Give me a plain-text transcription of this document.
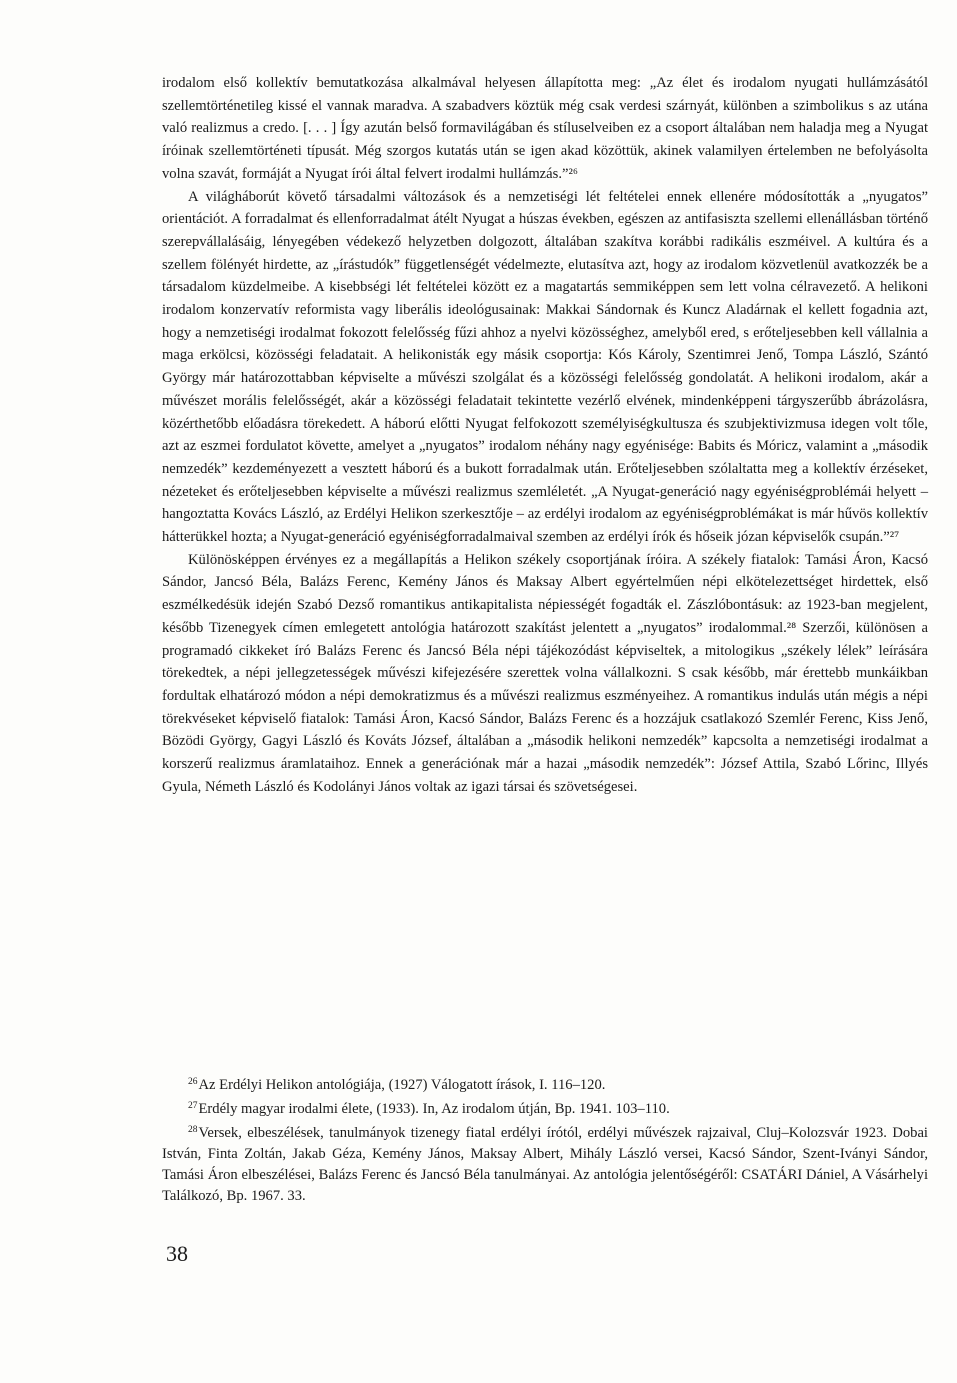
irodalom első kollektív bemutatkozása alkalmával helyesen állapította meg: „Az élet és irodalom nyugati hullámzásától szellemtörténetileg kissé el vannak maradva. A szabadvers köztük még csak verdesi szárnyát, különben a szimbolikus s az utána való realizmus a credo. [. . . ] Így azután belső formavilágában és stíluselveiben ez a csoport általában nem haladja meg a Nyugat íróinak szellemtörténeti típusát. Még szorgos kutatás után se igen akad közöttük, akinek valamilyen értelemben ne befolyásolta volna szavát, formáját a Nyugat írói által felvert irodalmi hullámzás.”²⁶

A világháborút követő társadalmi változások és a nemzetiségi lét feltételei ennek ellenére módosították a „nyugatos” orientációt. A forradalmat és ellenforradalmat átélt Nyugat a húszas években, egészen az antifasiszta szellemi ellenállásban történő szerepvállalásáig, lényegében védekező helyzetben dolgozott, általában szakítva korábbi radikális eszméivel. A kultúra és a szellem fölényét hirdette, az „írástudók” függetlenségét védelmezte, elutasítva azt, hogy az irodalom közvetlenül avatkozzék be a társadalom küzdelmeibe. A kisebbségi lét feltételei között ez a magatartás semmiképpen sem lett volna célravezető. A helikoni irodalom konzervatív reformista vagy liberális ideológusainak: Makkai Sándornak és Kuncz Aladárnak el kellett fogadnia azt, hogy a nemzetiségi irodalmat fokozott felelősség fűzi ahhoz a nyelvi közösséghez, amelyből ered, s erőteljesebben kell vállalnia a maga erkölcsi, közösségi feladatait. A helikonisták egy másik csoportja: Kós Károly, Szentimrei Jenő, Tompa László, Szántó György már határozottabban képviselte a művészi szolgálat és a közösségi felelősség gondolatát. A helikoni irodalom, akár a művészet morális felelősségét, akár a közösségi feladatait tekintette vezérlő elvének, mindenképpeni tárgyszerűbb ábrázolásra, közérthetőbb előadásra törekedett. A háború előtti Nyugat felfokozott személyiségkultusza és szubjektivizmusa idegen volt tőle, azt az eszmei fordulatot követte, amelyet a „nyugatos” irodalom néhány nagy egyénisége: Babits és Móricz, valamint a „második nemzedék” kezdeményezett a vesztett háború és a bukott forradalmak után. Erőteljesebben szólaltatta meg a kollektív érzéseket, nézeteket és erőteljesebben képviselte a művészi realizmus szemléletét. „A Nyugat-generáció nagy egyéniségproblémái helyett – hangoztatta Kovács László, az Erdélyi Helikon szerkesztője – az erdélyi irodalom az egyéniségproblémákat is már hűvös kollektív hátterükkel hozta; a Nyugat-generáció egyéniségforradalmaival szemben az erdélyi írók és hőseik józan képviselők csupán.”²⁷

Különösképpen érvényes ez a megállapítás a Helikon székely csoportjának íróira. A székely fiatalok: Tamási Áron, Kacsó Sándor, Jancsó Béla, Balázs Ferenc, Kemény János és Maksay Albert egyértelműen népi elkötelezettséget hirdettek, első eszmélkedésük idején Szabó Dezső romantikus antikapitalista népiességét fogadták el. Zászlóbontásuk: az 1923-ban megjelent, később Tizenegyek címen emlegetett antológia határozott szakítást jelentett a „nyugatos” irodalommal.²⁸ Szerzői, különösen a programadó cikkeket író Balázs Ferenc és Jancsó Béla népi tájékozódást képviseltek, a mitologikus „székely lélek” leírására törekedtek, a népi jellegzetességek művészi kifejezésére szerettek volna vállalkozni. S csak később, már érettebb munkáikban fordultak elhatározó módon a népi demokratizmus és a művészi realizmus eszményeihez. A romantikus indulás után mégis a népi törekvéseket képviselő fiatalok: Tamási Áron, Kacsó Sándor, Balázs Ferenc és a hozzájuk csatlakozó Szemlér Ferenc, Kiss Jenő, Bözödi György, Gagyi László és Kováts József, általában a „második helikoni nemzedék” kapcsolta a nemzetiségi irodalmat a korszerű realizmus áramlataihoz. Ennek a generációnak már a hazai „második nemzedék”: József Attila, Szabó Lőrinc, Illyés Gyula, Németh László és Kodolányi János voltak az igazi társai és szövetségesei.

$^{26}$Az Erdélyi Helikon antológiája, (1927) Válogatott írások, I. 116–120.

$^{27}$Erdély magyar irodalmi élete, (1933). In, Az irodalom útján, Bp. 1941. 103–110.

$^{28}$Versek, elbeszélések, tanulmányok tizenegy fiatal erdélyi írótól, erdélyi művészek rajzaival, Cluj–Kolozsvár 1923. Dobai István, Finta Zoltán, Jakab Géza, Kemény János, Maksay Albert, Mihály László versei, Kacsó Sándor, Szent-Iványi Sándor, Tamási Áron elbeszélései, Balázs Ferenc és Jancsó Béla tanulmányai. Az antológia jelentőségéről: CSATÁRI Dániel, A Vásárhelyi Találkozó, Bp. 1967. 33.

38
